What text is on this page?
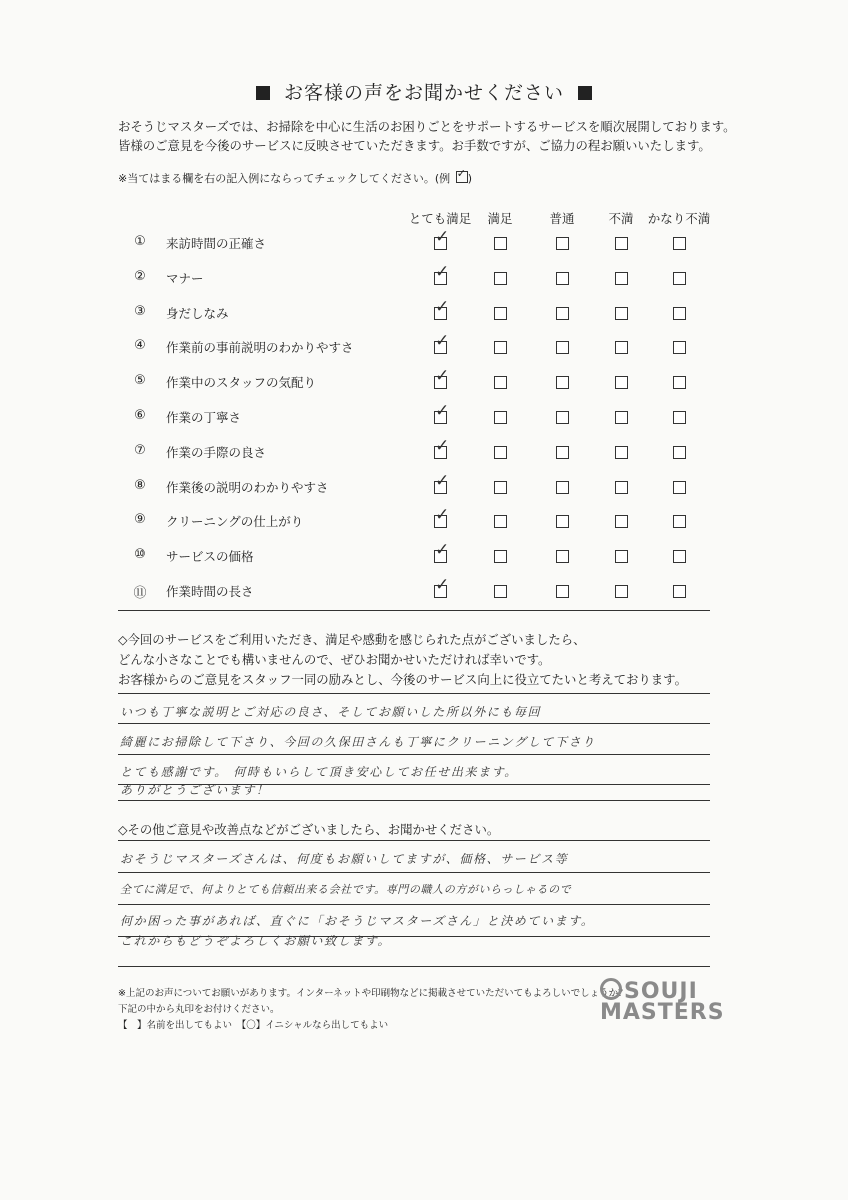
お客様の声をお聞かせください
おそうじマスターズでは、お掃除を中心に生活のお困りごとをサポートするサービスを順次展開しております。
皆様のご意見を今後のサービスに反映させていただきます。お手数ですが、ご協力の程お願いいたします。
※当てはまる欄を右の記入例にならってチェックしてください。(例 ✓ )
とても満足	満足	普通	不満	かなり不満
①	来訪時間の正確さ	✓
②	マナー	✓
③	身だしなみ	✓
④	作業前の事前説明のわかりやすさ	✓
⑤	作業中のスタッフの気配り	✓
⑥	作業の丁寧さ	✓
⑦	作業の手際の良さ	✓
⑧	作業後の説明のわかりやすさ	✓
⑨	クリーニングの仕上がり	✓
⑩	サービスの価格	✓
⑪ 作業時間の長さ	✓
◇今回のサービスをご利用いただき、満足や感動を感じられた点がございましたら、
どんな小さなことでも構いませんので、ぜひお聞かせいただければ幸いです。
お客様からのご意見をスタッフ一同の励みとし、今後のサービス向上に役立てたいと考えております。
いつも丁寧な説明とご対応の良さ、そしてお願いした所以外にも毎回
綺麗にお掃除して下さり、今回の久保田さんも丁寧にクリーニングして下さり
とても感謝です。 何時もいらして頂き安心してお任せ出来ます。
ありがとうございます！
◇その他ご意見や改善点などがございましたら、お聞かせください。
おそうじマスターズさんは、何度もお願いしてますが、価格、サービス等
全てに満足で、何よりとても信頼出来る会社です。専門の職人の方がいらっしゃるので
何か困った事があれば、直ぐに「おそうじマスターズさん」と決めています。
これからもどうぞよろしくお願い致します。
※上記のお声についてお願いがあります。インターネットや印刷物などに掲載させていただいてもよろしいでしょうか？
下記の中から丸印をお付けください。
【　】名前を出してもよい　【〇】イニシャルなら出してもよい
SOUJI
MASTERS
